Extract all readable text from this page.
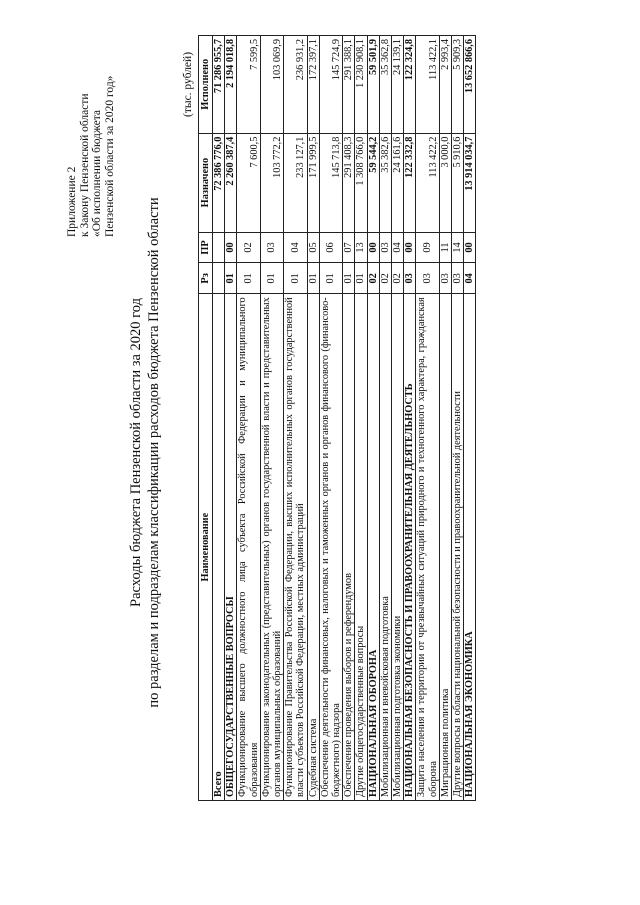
Приложение 2 к Закону Пензенской области «Об исполнении бюджета Пензенской области за 2020 год»
Расходы бюджета Пензенской области за 2020 год по разделам и подразделам классификации расходов бюджета Пензенской области
(тыс. рублей)
Наименование	Рз	ПР	Назначено	Исполнено
Всего			72 386 776,0	71 286 955,7
ОБЩЕГОСУДАРСТВЕННЫЕ ВОПРОСЫ	01	00	2 260 387,4	2 194 018,8
Функционирование высшего должностного лица субъекта Российской Федерации и муниципального образования	01	02	7 600,5	7 599,5
Функционирование законодательных (представительных) органов государственной власти и представительных органов муниципальных образований	01	03	103 772,2	103 069,9
Функционирование Правительства Российской Федерации, высших исполнительных органов государственной власти субъектов Российской Федерации, местных администраций	01	04	233 127,1	236 931,2
Судебная система	01	05	171 999,5	172 397,1
Обеспечение деятельности финансовых, налоговых и таможенных органов и органов финансового (финансово-бюджетного) надзора	01	06	145 713,8	145 724,9
Обеспечение проведения выборов и референдумов	01	07	291 408,3	291 388,1
Другие общегосударственные вопросы	01	13	1 308 766,0	1 230 908,1
НАЦИОНАЛЬНАЯ ОБОРОНА	02	00	59 544,2	59 501,9
Мобилизационная и вневойсковая подготовка	02	03	35 382,6	35 362,8
Мобилизационная подготовка экономики	02	04	24 161,6	24 139,1
НАЦИОНАЛЬНАЯ БЕЗОПАСНОСТЬ И ПРАВООХРАНИТЕЛЬНАЯ ДЕЯТЕЛЬНОСТЬ	03	00	122 332,8	122 324,8
Защита населения и территории от чрезвычайных ситуаций природного и техногенного характера, гражданская оборона	03	09	113 422,2	113 422,1
Миграционная политика	03	11	3 000,0	2 993,4
Другие вопросы в области национальной безопасности и правоохранительной деятельности	03	14	5 910,6	5 909,3
НАЦИОНАЛЬНАЯ ЭКОНОМИКА	04	00	13 914 034,7	13 652 866,6
